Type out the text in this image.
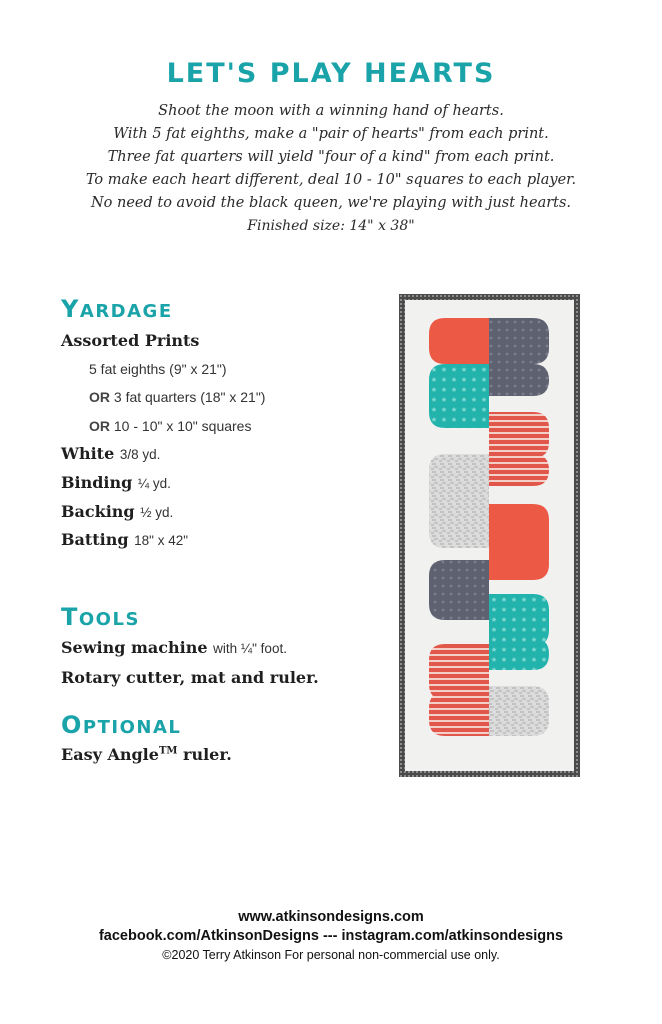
LET'S PLAY HEARTS
Shoot the moon with a winning hand of hearts.
With 5 fat eighths, make a "pair of hearts" from each print.
Three fat quarters will yield "four of a kind" from each print.
To make each heart different, deal 10 - 10" squares to each player.
No need to avoid the black queen, we're playing with just hearts.
Finished size: 14" x 38"
YARDAGE
Assorted Prints
5 fat eighths (9" x 21")
OR 3 fat quarters (18" x 21")
OR 10 - 10" x 10" squares
White 3/8 yd.
Binding ¼ yd.
Backing ½ yd.
Batting 18" x 42"
TOOLS
Sewing machine with ¼" foot.
Rotary cutter, mat and ruler.
OPTIONAL
Easy Angle™ ruler.
www.atkinsondesigns.com
facebook.com/AtkinsonDesigns --- instagram.com/atkinsondesigns
©2020 Terry Atkinson For personal non-commercial use only.
